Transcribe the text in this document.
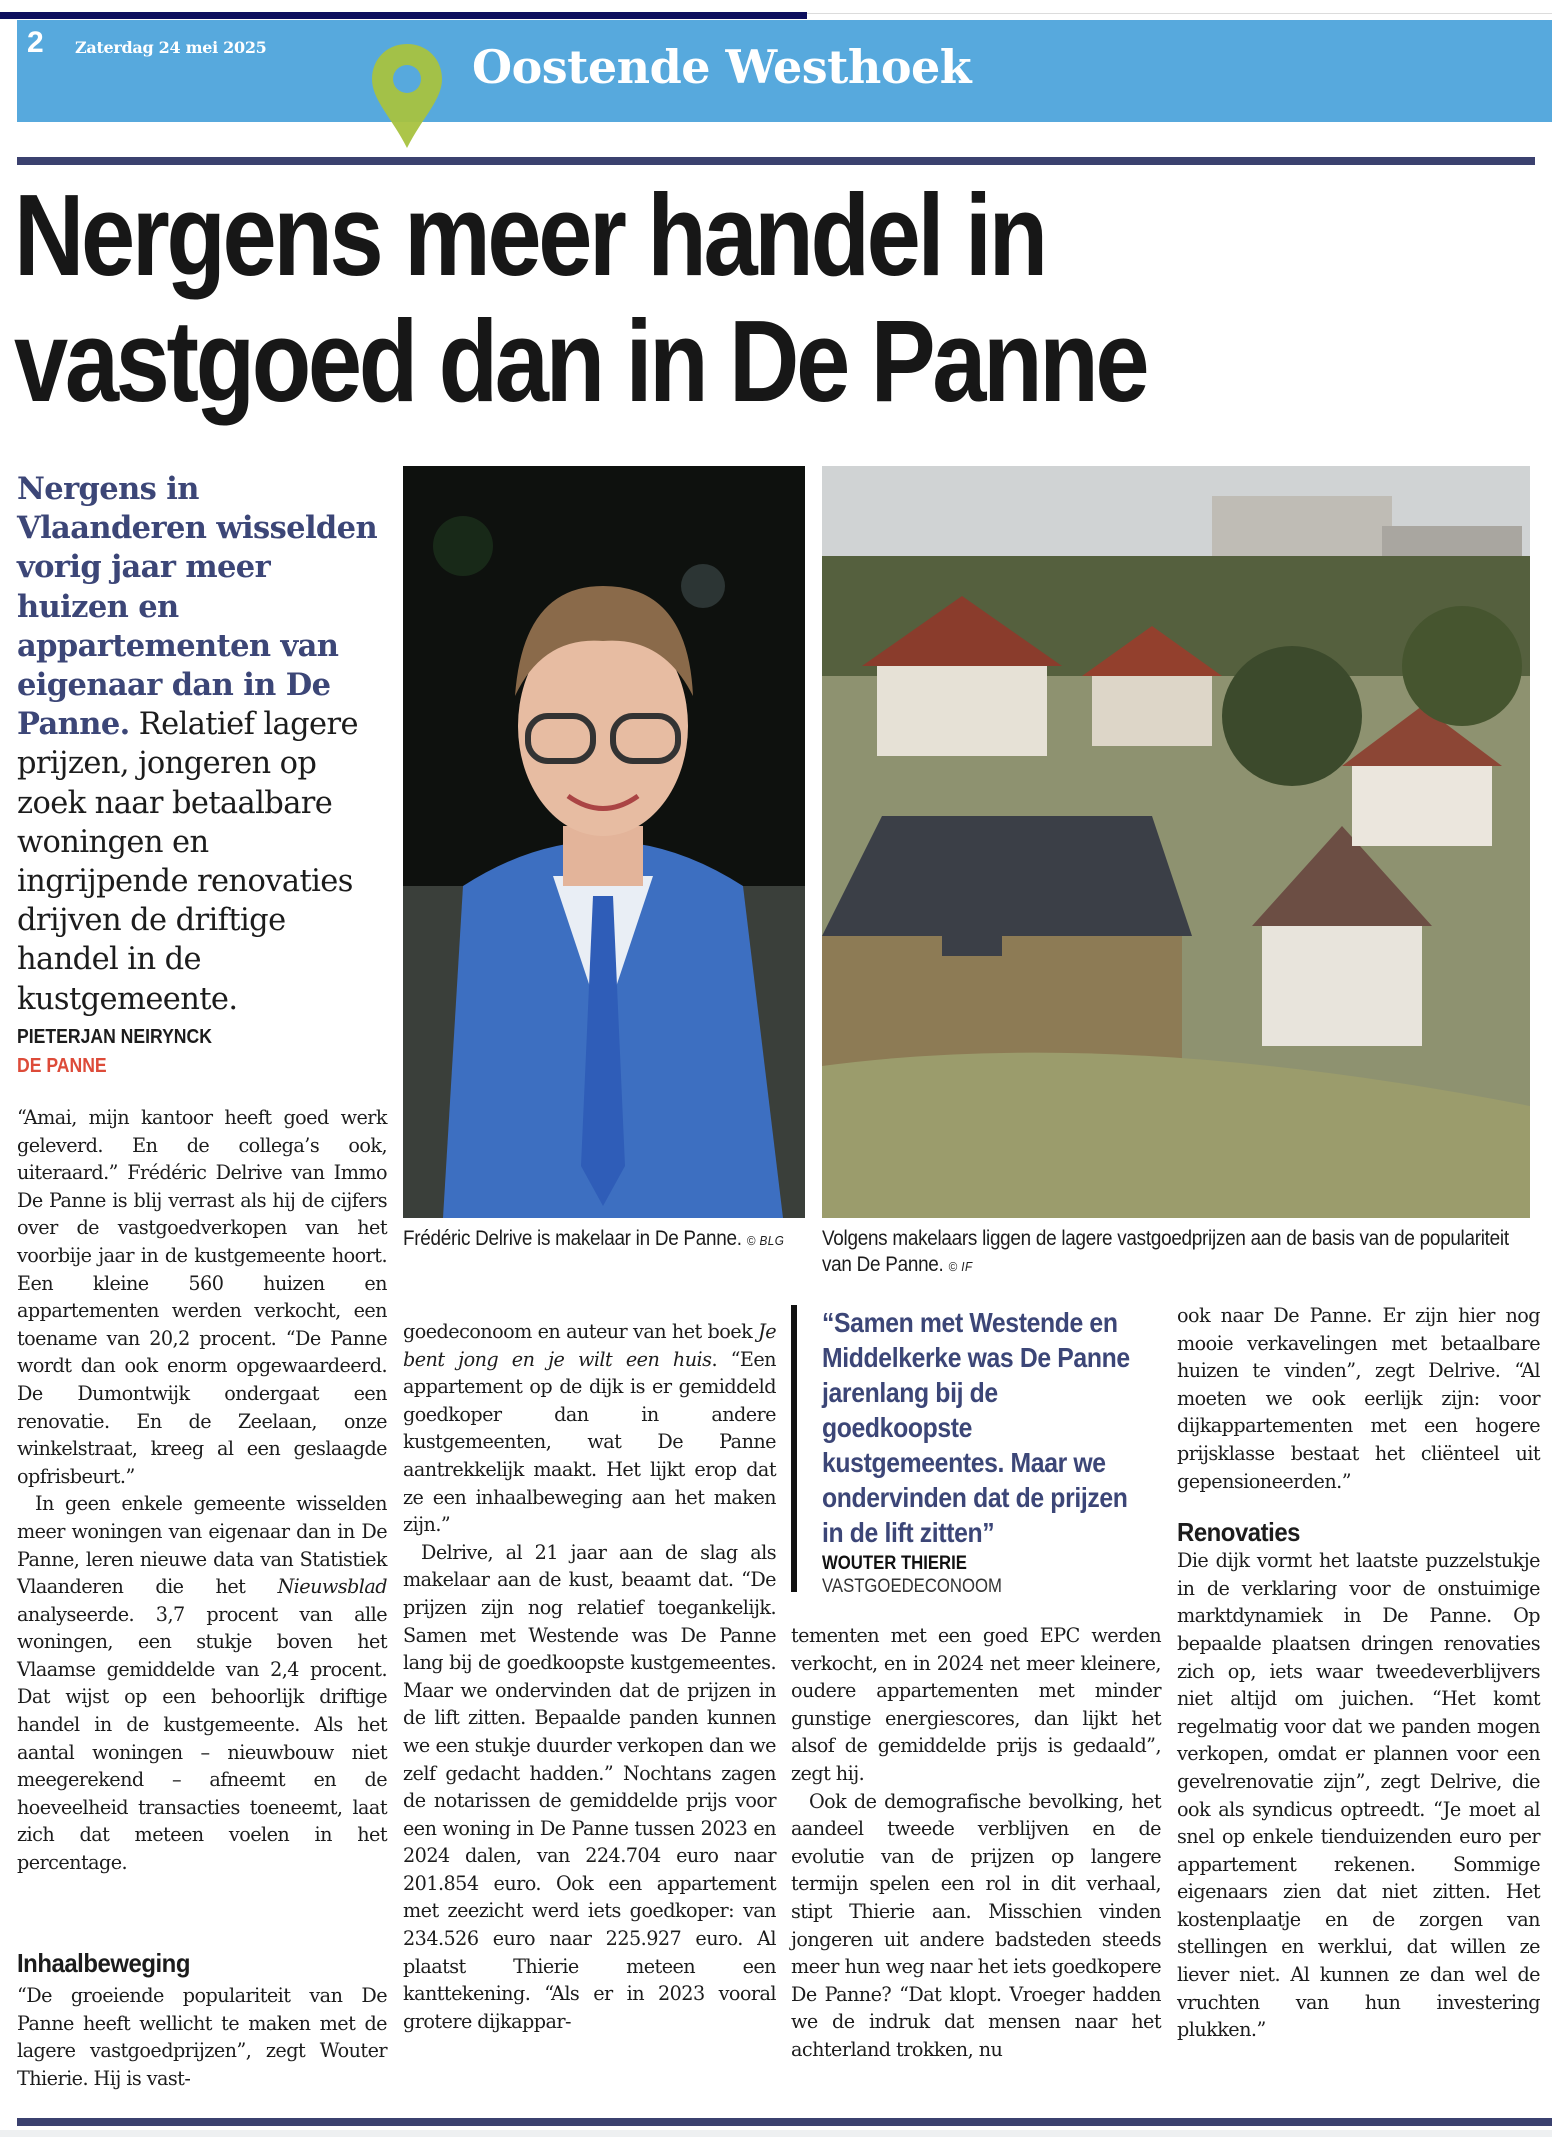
2 Zaterdag 24 mei 2025	Oostende Westhoek
Nergens meer handel in
vastgoed dan in De Panne
Nergens in Vlaanderen wisselden vorig jaar meer huizen en appartementen van eigenaar dan in De Panne. Relatief lagere prijzen, jongeren op zoek naar betaalbare woningen en ingrijpende renovaties drijven de driftige handel in de kustgemeente.
Frédéric Delrive is makelaar in De Panne. © BLG	Volgens makelaars liggen de lagere vastgoedprijzen aan de basis van de populariteit van De Panne. © IF
PIETERJAN NEIRYNCK
DE PANNE

“Amai, mijn kantoor heeft goed werk geleverd. En de collega’s ook, uiteraard.” Frédéric Delrive van Immo De Panne is blij verrast als hij de cijfers over de vastgoedverkopen van het voorbije jaar in de kustgemeente hoort. Een kleine 560 huizen en appartementen werden verkocht, een toename van 20,2 procent. “De Panne wordt dan ook enorm opgewaardeerd. De Dumontwijk ondergaat een renovatie. En de Zeelaan, onze winkelstraat, kreeg al een geslaagde opfrisbeurt.”

In geen enkele gemeente wisselden meer woningen van eigenaar dan in De Panne, leren nieuwe data van Statistiek Vlaanderen die het Nieuwsblad analyseerde. 3,7 procent van alle woningen, een stukje boven het Vlaamse gemiddelde van 2,4 procent. Dat wijst op een behoorlijk driftige handel in de kustgemeente. Als het aantal woningen – nieuwbouw niet meegerekend – afneemt en de hoeveelheid transacties toeneemt, laat zich dat meteen voelen in het percentage.

Inhaalbeweging

“De groeiende populariteit van De Panne heeft wellicht te maken met de lagere vastgoedprijzen”, zegt Wouter Thierie. Hij is vast-

goedeconoom en auteur van het boek Je bent jong en je wilt een huis. “Een appartement op de dijk is er gemiddeld goedkoper dan in andere kustgemeenten, wat De Panne aantrekkelijk maakt. Het lijkt erop dat ze een inhaalbeweging aan het maken zijn.”

Delrive, al 21 jaar aan de slag als makelaar aan de kust, beaamt dat. “De prijzen zijn nog relatief toegankelijk. Samen met Westende was De Panne lang bij de goedkoopste kustgemeentes. Maar we ondervinden dat de prijzen in de lift zitten. Bepaalde panden kunnen we een stukje duurder verkopen dan we zelf gedacht hadden.” Nochtans zagen de notarissen de gemiddelde prijs voor een woning in De Panne tussen 2023 en 2024 dalen, van 224.704 euro naar 201.854 euro. Ook een appartement met zeezicht werd iets goedkoper: van 234.526 euro naar 225.927 euro. Al plaatst Thierie meteen een kanttekening. “Als er in 2023 vooral grotere dijkappar-

“Samen met Westende en Middelkerke was De Panne jarenlang bij de goedkoopste kustgemeentes. Maar we ondervinden dat de prijzen in de lift zitten”
WOUTER THIERIE
VASTGOEDECONOOM

tementen met een goed EPC werden verkocht, en in 2024 net meer kleinere, oudere appartementen met minder gunstige energiescores, dan lijkt het alsof de gemiddelde prijs is gedaald”, zegt hij.

Ook de demografische bevolking, het aandeel tweede verblijven en de evolutie van de prijzen op langere termijn spelen een rol in dit verhaal, stipt Thierie aan. Misschien vinden jongeren uit andere badsteden steeds meer hun weg naar het iets goedkopere De Panne? “Dat klopt. Vroeger hadden we de indruk dat mensen naar het achterland trokken, nu

ook naar De Panne. Er zijn hier nog mooie verkavelingen met betaalbare huizen te vinden”, zegt Delrive. “Al moeten we ook eerlijk zijn: voor dijkappartementen met een hogere prijsklasse bestaat het cliënteel uit gepensioneerden.”

Renovaties

Die dijk vormt het laatste puzzelstukje in de verklaring voor de onstuimige marktdynamiek in De Panne. Op bepaalde plaatsen dringen renovaties zich op, iets waar tweedeverblijvers niet altijd om juichen. “Het komt regelmatig voor dat we panden mogen verkopen, omdat er plannen voor een gevelrenovatie zijn”, zegt Delrive, die ook als syndicus optreedt. “Je moet al snel op enkele tienduizenden euro per appartement rekenen. Sommige eigenaars zien dat niet zitten. Het kostenplaatje en de zorgen van stellingen en werklui, dat willen ze liever niet. Al kunnen ze dan wel de vruchten van hun investering plukken.”
